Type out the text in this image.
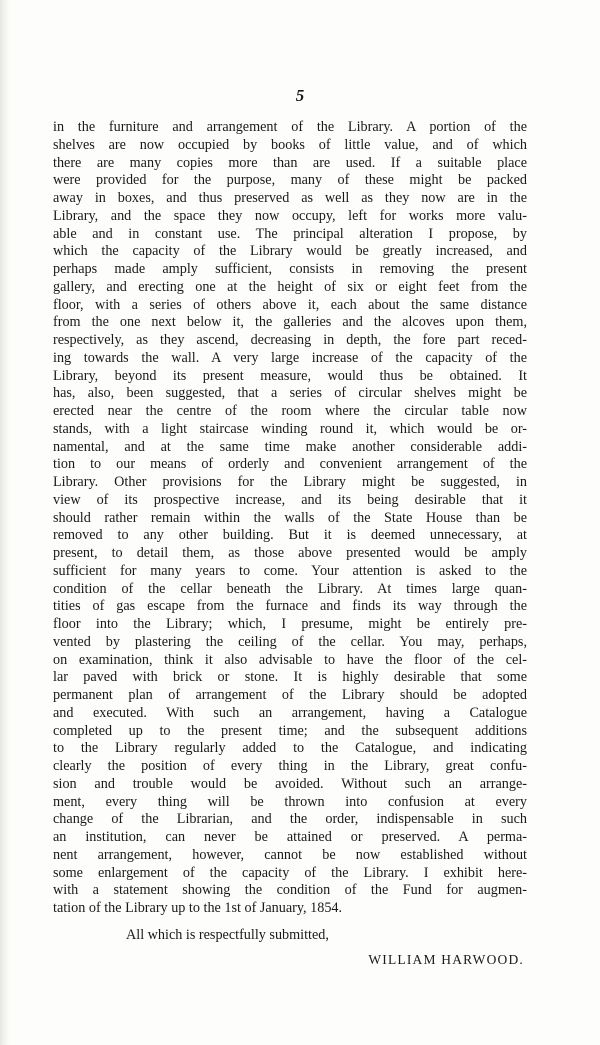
5
in the furniture and arrangement of the Library. A portion of the
shelves are now occupied by books of little value, and of which
there are many copies more than are used. If a suitable place
were provided for the purpose, many of these might be packed
away in boxes, and thus preserved as well as they now are in the
Library, and the space they now occupy, left for works more valu-
able and in constant use. The principal alteration I propose, by
which the capacity of the Library would be greatly increased, and
perhaps made amply sufficient, consists in removing the present
gallery, and erecting one at the height of six or eight feet from the
floor, with a series of others above it, each about the same distance
from the one next below it, the galleries and the alcoves upon them,
respectively, as they ascend, decreasing in depth, the fore part reced-
ing towards the wall. A very large increase of the capacity of the
Library, beyond its present measure, would thus be obtained. It
has, also, been suggested, that a series of circular shelves might be
erected near the centre of the room where the circular table now
stands, with a light staircase winding round it, which would be or-
namental, and at the same time make another considerable addi-
tion to our means of orderly and convenient arrangement of the
Library. Other provisions for the Library might be suggested, in
view of its prospective increase, and its being desirable that it
should rather remain within the walls of the State House than be
removed to any other building. But it is deemed unnecessary, at
present, to detail them, as those above presented would be amply
sufficient for many years to come. Your attention is asked to the
condition of the cellar beneath the Library. At times large quan-
tities of gas escape from the furnace and finds its way through the
floor into the Library; which, I presume, might be entirely pre-
vented by plastering the ceiling of the cellar. You may, perhaps,
on examination, think it also advisable to have the floor of the cel-
lar paved with brick or stone. It is highly desirable that some
permanent plan of arrangement of the Library should be adopted
and executed. With such an arrangement, having a Catalogue
completed up to the present time; and the subsequent additions
to the Library regularly added to the Catalogue, and indicating
clearly the position of every thing in the Library, great confu-
sion and trouble would be avoided. Without such an arrange-
ment, every thing will be thrown into confusion at every
change of the Librarian, and the order, indispensable in such
an institution, can never be attained or preserved. A perma-
nent arrangement, however, cannot be now established without
some enlargement of the capacity of the Library. I exhibit here-
with a statement showing the condition of the Fund for augmen-
tation of the Library up to the 1st of January, 1854.
All which is respectfully submitted,
WILLIAM HARWOOD.
